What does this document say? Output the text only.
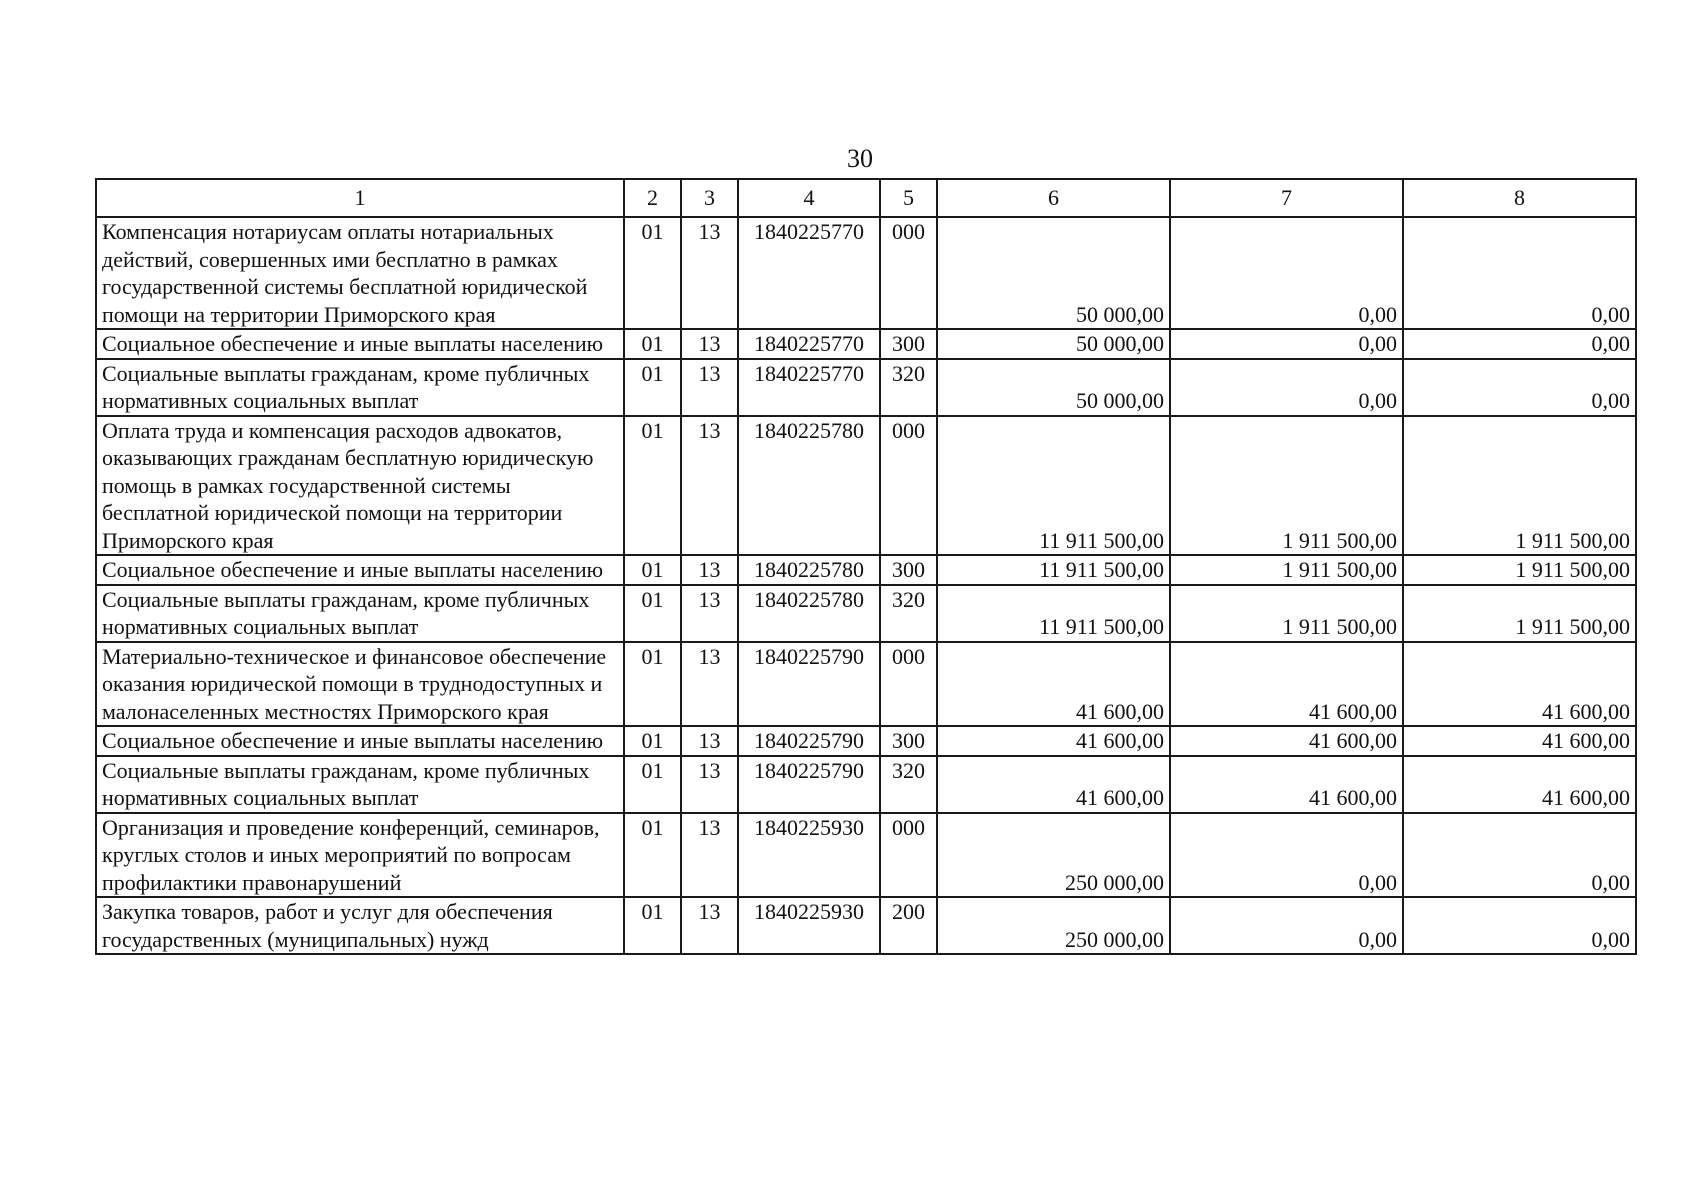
30
1	2	3	4	5	6	7	8
Компенсация нотариусам оплаты нотариальных действий, совершенных ими бесплатно в рамках государственной системы бесплатной юридической помощи на территории Приморского края	01	13	1840225770	000	50 000,00	0,00	0,00
Социальное обеспечение и иные выплаты населению	01	13	1840225770	300	50 000,00	0,00	0,00
Социальные выплаты гражданам, кроме публичных нормативных социальных выплат	01	13	1840225770	320	50 000,00	0,00	0,00
Оплата труда и компенсация расходов адвокатов, оказывающих гражданам бесплатную юридическую помощь в рамках государственной системы бесплатной юридической помощи на территории Приморского края	01	13	1840225780	000	11 911 500,00	1 911 500,00	1 911 500,00
Социальное обеспечение и иные выплаты населению	01	13	1840225780	300	11 911 500,00	1 911 500,00	1 911 500,00
Социальные выплаты гражданам, кроме публичных нормативных социальных выплат	01	13	1840225780	320	11 911 500,00	1 911 500,00	1 911 500,00
Материально-техническое и финансовое обеспечение оказания юридической помощи в труднодоступных и малонаселенных местностях Приморского края	01	13	1840225790	000	41 600,00	41 600,00	41 600,00
Социальное обеспечение и иные выплаты населению	01	13	1840225790	300	41 600,00	41 600,00	41 600,00
Социальные выплаты гражданам, кроме публичных нормативных социальных выплат	01	13	1840225790	320	41 600,00	41 600,00	41 600,00
Организация и проведение конференций, семинаров, круглых столов и иных мероприятий по вопросам профилактики правонарушений	01	13	1840225930	000	250 000,00	0,00	0,00
Закупка товаров, работ и услуг для обеспечения государственных (муниципальных) нужд	01	13	1840225930	200	250 000,00	0,00	0,00
